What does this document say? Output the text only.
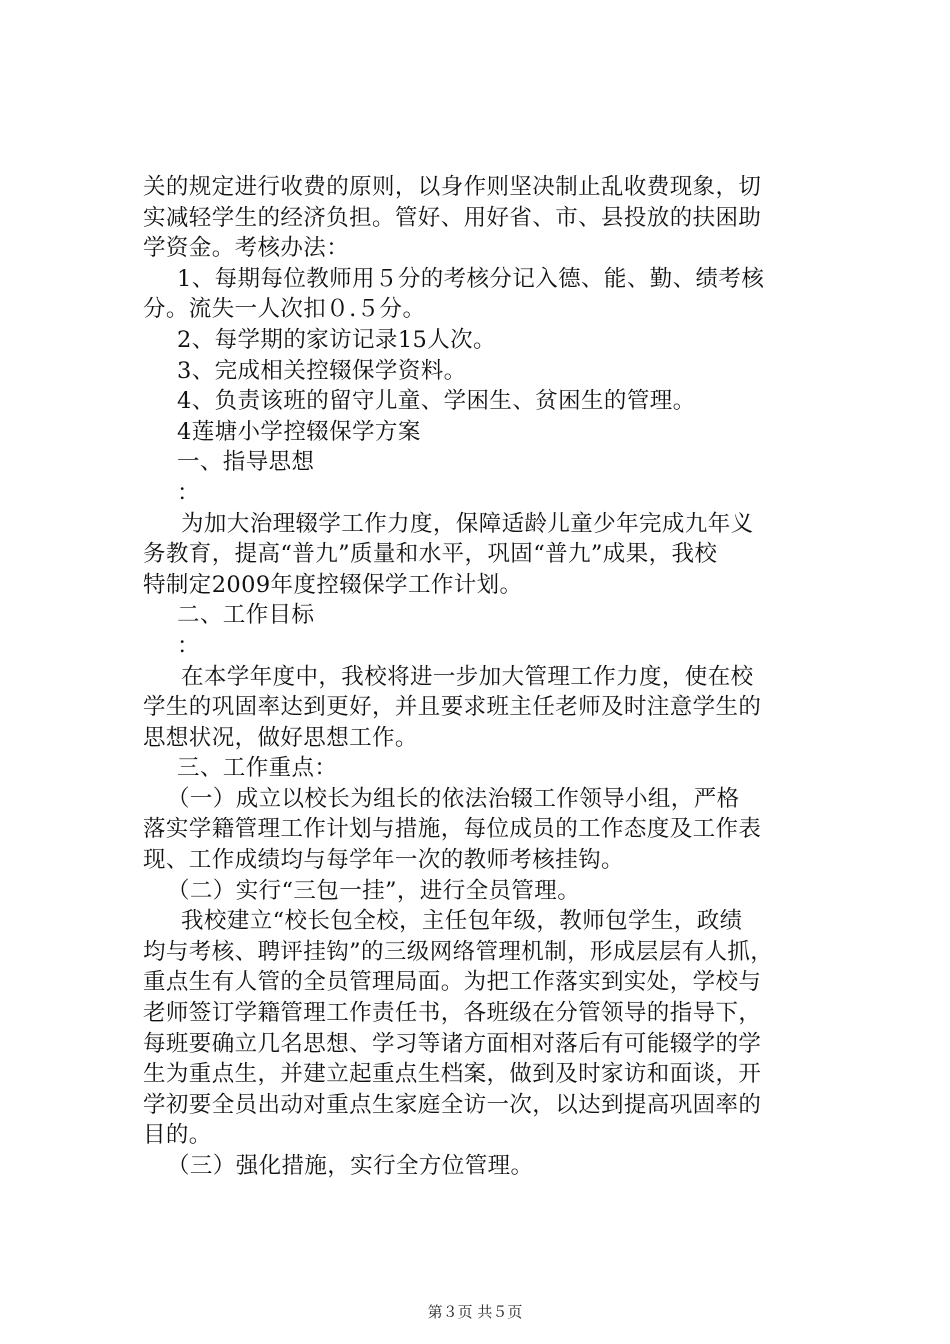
关的规定进行收费的原则，以身作则坚决制止乱收费现象，切
实减轻学生的经济负担。管好、用好省、市、县投放的扶困助
学资金。考核办法：
1、每期每位教师用５分的考核分记入德、能、勤、绩考核
分。流失一人次扣０.５分。
2、每学期的家访记录15人次。
3、完成相关控辍保学资料。
4、负责该班的留守儿童、学困生、贫困生的管理。
4莲塘小学控辍保学方案
一、指导思想
：
为加大治理辍学工作力度，保障适龄儿童少年完成九年义
务教育，提高“普九”质量和水平，巩固“普九”成果，我校
特制定2009年度控辍保学工作计划。
二、工作目标
：
在本学年度中，我校将进一步加大管理工作力度，使在校
学生的巩固率达到更好，并且要求班主任老师及时注意学生的
思想状况，做好思想工作。
三、工作重点：
（一）成立以校长为组长的依法治辍工作领导小组，严格
落实学籍管理工作计划与措施，每位成员的工作态度及工作表
现、工作成绩均与每学年一次的教师考核挂钩。
（二）实行“三包一挂”，进行全员管理。
我校建立“校长包全校，主任包年级，教师包学生，政绩
均与考核、聘评挂钩”的三级网络管理机制，形成层层有人抓，
重点生有人管的全员管理局面。为把工作落实到实处，学校与
老师签订学籍管理工作责任书，各班级在分管领导的指导下，
每班要确立几名思想、学习等诸方面相对落后有可能辍学的学
生为重点生，并建立起重点生档案，做到及时家访和面谈，开
学初要全员出动对重点生家庭全访一次，以达到提高巩固率的
目的。
（三）强化措施，实行全方位管理。
第３页 共５页
